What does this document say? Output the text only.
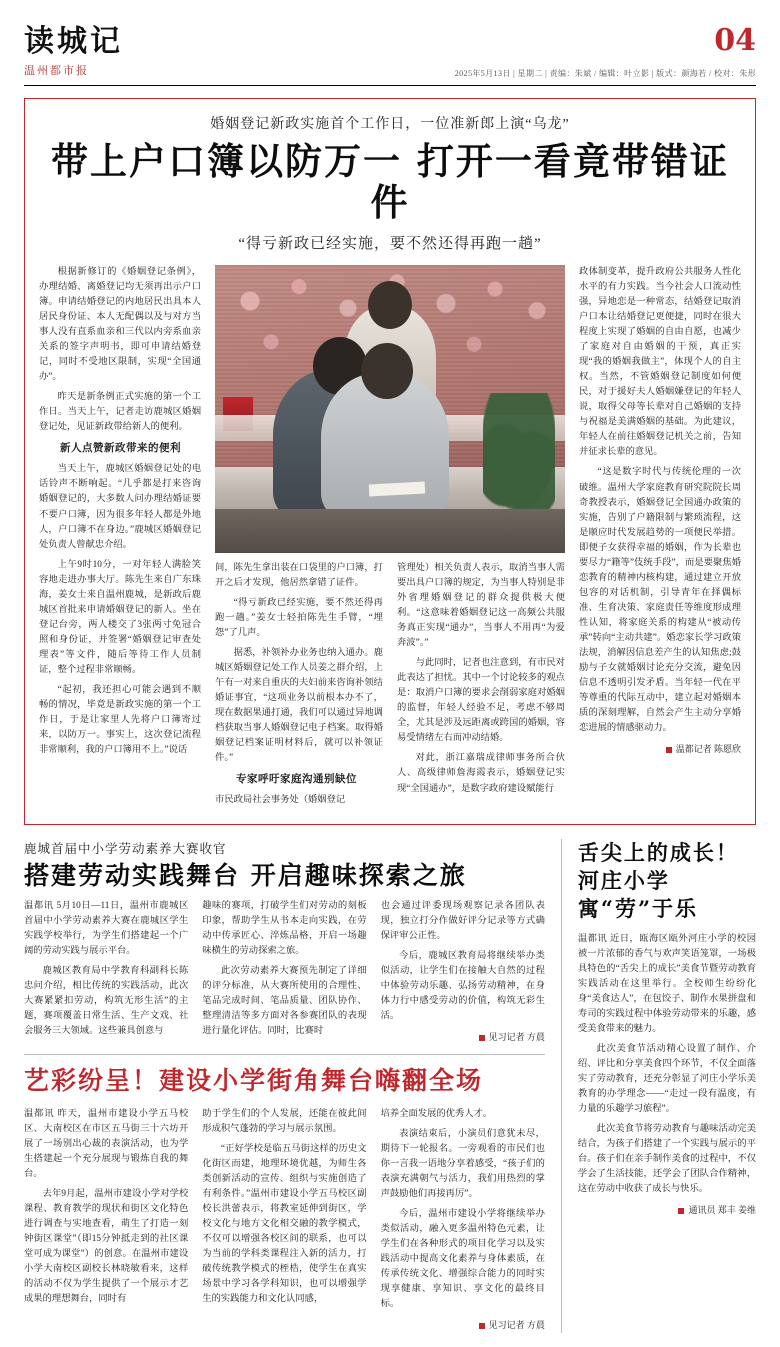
读城记
温州都市报
04
2025年5月13日 | 星期二 | 责编：朱斌 / 编辑：叶立影 | 版式：颜海若 / 校对：朱形
婚姻登记新政实施首个工作日，一位准新郎上演“乌龙”
带上户口簿以防万一 打开一看竟带错证件
“得亏新政已经实施，要不然还得再跑一趟”

根据新修订的《婚姻登记条例》，办理结婚、离婚登记均无须再出示户口簿。申请结婚登记的内地居民出具本人居民身份证、本人无配偶以及与对方当事人没有直系血亲和三代以内旁系血亲关系的签字声明书，即可申请结婚登记，同时不受地区限制，实现“全国通办”。

昨天是新条例正式实施的第一个工作日。当天上午，记者走访鹿城区婚姻登记处，见证新政带给新人的便利。

新人点赞新政带来的便利

当天上午，鹿城区婚姻登记处的电话铃声不断响起。“几乎都是打来咨询婚姻登记的，大多数人问办理结婚证要不要户口簿，因为很多年轻人都是外地人，户口簿不在身边。”鹿城区婚姻登记处负责人曾献忠介绍。

上午9时10分，一对年轻人满脸笑容地走进办事大厅。陈先生来自广东珠海，姜女士来自温州鹿城，是新政后鹿城区首批来申请婚姻登记的新人。坐在登记台旁，两人楼交了3张两寸免冠合照和身份证，并签署“婚姻登记审查处理表”等文件，随后等待工作人员制证，整个过程非常顺畅。

“起初，我还担心可能会遇到不顺畅的情况，毕竟是新政实施的第一个工作日，于是让家里人先将户口簿寄过来，以防万一。事实上，这次登记流程非常顺利，我的户口簿用不上。”说话

间，陈先生拿出装在口袋里的户口簿，打开之后才发现，他居然拿错了证件。

“得亏新政已经实施，要不然还得再跑一趟。”姜女士轻拍陈先生手臂，“埋怨”了几声。

据悉，补领补办业务也纳入通办。鹿城区婚姻登记处工作人员姜之群介绍，上午有一对来自重庆的夫妇前来咨询补领结婚证事宜，“这项业务以前根本办不了，现在数据果通打通，我们可以通过异地调档获取当事人婚姻登记电子档案。取得婚姻登记档案证明材料后，就可以补领证件。”

专家呼吁家庭沟通别缺位

市民政局社会事务处（婚姻登记

管理处）相关负责人表示，取消当事人需要出具户口簿的规定，为当事人特别是非外省理婚姻登记的群众提供极大便利。“这意味着婚姻登记这一高频公共服务真正实现“通办”，当事人不用再“为爱奔波”。”

与此同时，记者也注意到，有市民对此表达了担忧。其中一个讨论较多的观点是：取消户口簿的要求会削弱家庭对婚姻的监督，年轻人经验不足，考虑不够周全，尤其是涉及远距离或跨国的婚姻，容易受情绪左右而冲动结婚。

对此，浙江嘉瑞成律师事务所合伙人、高级律师詹海霞表示，婚姻登记实现“全国通办”，是数字政府建设赋能行

政体制变革，提升政府公共服务人性化水平的有力实践。当今社会人口流动性强，异地恋是一种常态，结婚登记取消户口本让结婚登记更便捷，同时在很大程度上实现了婚姻的自由自愿，也减少了家庭对自由婚姻的干预，真正实现“我的婚姻我做主”，体现个人的自主权。当然，不管婚姻登记制度如何便民，对于援好夫人婚姻嫌登记的年轻人说，取得父母等长辈对自己婚姻的支持与祝福是美满婚姻的基础。为此建议，年轻人在前往婚姻登记机关之前，告知并征求长辈的意见。

“这是数字时代与传统伦理的一次破维。温州大学家庭教育研究院院长周奇教授表示，婚姻登记全国通办政策的实施，告别了户籍限制与繁琐流程，这是顺应时代发展趋势的一项便民举措。即便子女获得幸福的婚姻，作为长辈也要尽力“籍等”伎统手段”，而是要聚焦婚恋教育的精神内核构建，通过建立开放包容的对话机制，引导青年在择偶标准、生育决策、家庭责任等维度形成理性认知，将家庭关系的构建从“被动传承”转向“主动共建”。婚恋家长学习政策法规，消解因信息差产生的认知焦虑;鼓励与子女就婚姻讨论充分交流，避免因信息不透明引发矛盾。当年轻一代在平等尊重的代际互动中，建立起对婚姻本质的深刻理解，自然会产生主动分享婚恋进展的情感驱动力。

温都记者 陈愿欣
鹿城首届中小学劳动素养大赛收官
搭建劳动实践舞台 开启趣味探索之旅

温都讯 5月10日—11日，温州市鹿城区首届中小学劳动素养大赛在鹿城区学生实践学校举行，为学生们搭建起一个广阔的劳动实践与展示平台。

鹿城区教育局中学教育科副科长陈忠问介绍，相比传统的实践活动，此次大赛紧紧扣劳动，构筑无形生活”的主题，赛项覆盖日常生活、生产文戏、社会服务三大领域。这些兼具创意与

趣味的赛项，打破学生们对劳动的刻板印象，帮助学生从书本走向实践，在劳动中传承匠心、淬炼品格，开启一场趣味横生的劳动探索之旅。

此次劳动素养大赛预先制定了详细的评分标准，从大赛所使用的合理性、笔品完成时间、笔品质量、团队协作、整理清洁等多方面对各参赛团队的表现进行量化评估。同时，比赛时

也会通过评委现场观察记录各团队表现，独立打分作做好评分记录等方式确保评审公正性。

今后，鹿城区教育局将继续举办类似活动，让学生们在接触大自然的过程中体验劳动乐趣、弘扬劳动精神，在身体力行中感受劳动的价值，构筑无彩生活。

见习记者 方晨
艺彩纷呈！建设小学街角舞台嗨翻全场

温都讯 昨天，温州市建设小学五马校区、大南校区在市区五马街三十六坊开展了一场别出心裁的表演活动，也为学生搭建起一个充分展现与锻炼自我的舞台。

去年9月起，温州市建设小学对学校课程、教育教学的现状和街区文化特色进行调查与实地查看，萌生了打造一刻钟街区课堂”（即15分钟抵走到的社区课堂可成为课堂”）的创意。在温州市建设小学大南校区副校长林晓敏看来，这样的活动不仅为学生提供了一个展示才艺成果的理想舞台，同时有

助于学生们的个人发展，还能在彼此间形成积气蓬勃的学习与展示氛围。

“正好学校是临五马街这样的历史文化街区而建，地理环境优越，为师生各类创新活动的宣传、组织与实施创造了有利条件。”温州市建设小学五马校区副校长洪蕾表示，将教室延伸到街区，学校文化与地方文化相交融的教学模式，不仅可以增强各校区间的联系，也可以为当前的学科类课程注入新的活力，打破传统教学模式的桎梏，使学生在真实场景中学习各学科知识，也可以增强学生的实践能力和文化认同感，

培养全面发展的优秀人才。

表演结束后，小演员们意犹未尽，期待下一轮报名。一旁观看的市民们也你一言我一语地分享着感受，“孩子们的表演充满朝气与活力，我们用热烈的掌声鼓励他们再接再厉”。

今后，温州市建设小学将继续举办类似活动，融入更多温州特色元素，让学生们在各种形式的项目化学习以及实践活动中提高文化素养与身体素质，在传承传统文化、增强综合能力的同时实现享健康、享知识、享文化的最终目标。

见习记者 方晨
舌尖上的成长！河庄小学寓“劳”于乐

温都讯 近日，瓯海区瓯外河庄小学的校园被一片浓郁的香气与欢声笑语笼罩，一场极具特色的“舌尖上的成长”美食节暨劳动教育实践活动在这里举行。全校师生纷纷化身“美食达人”，在包饺子、制作水果拼盘和寿司的实践过程中体验劳动带来的乐趣，感受美食带来的魅力。

此次美食节活动精心设置了制作、介绍、评比和分享美食四个环节，不仅全面落实了劳动教育，还充分彰显了河庄小学乐美教育的办学理念——“走过一段有温度，有力量的乐趣学习旅程”。

此次美食节将劳动教育与趣味活动完美结合，为孩子们搭建了一个实践与展示的平台。孩子们在亲手制作美食的过程中，不仅学会了生活技能，还学会了团队合作精神，这在劳动中收获了成长与快乐。

通讯员 郑丰 姜维
